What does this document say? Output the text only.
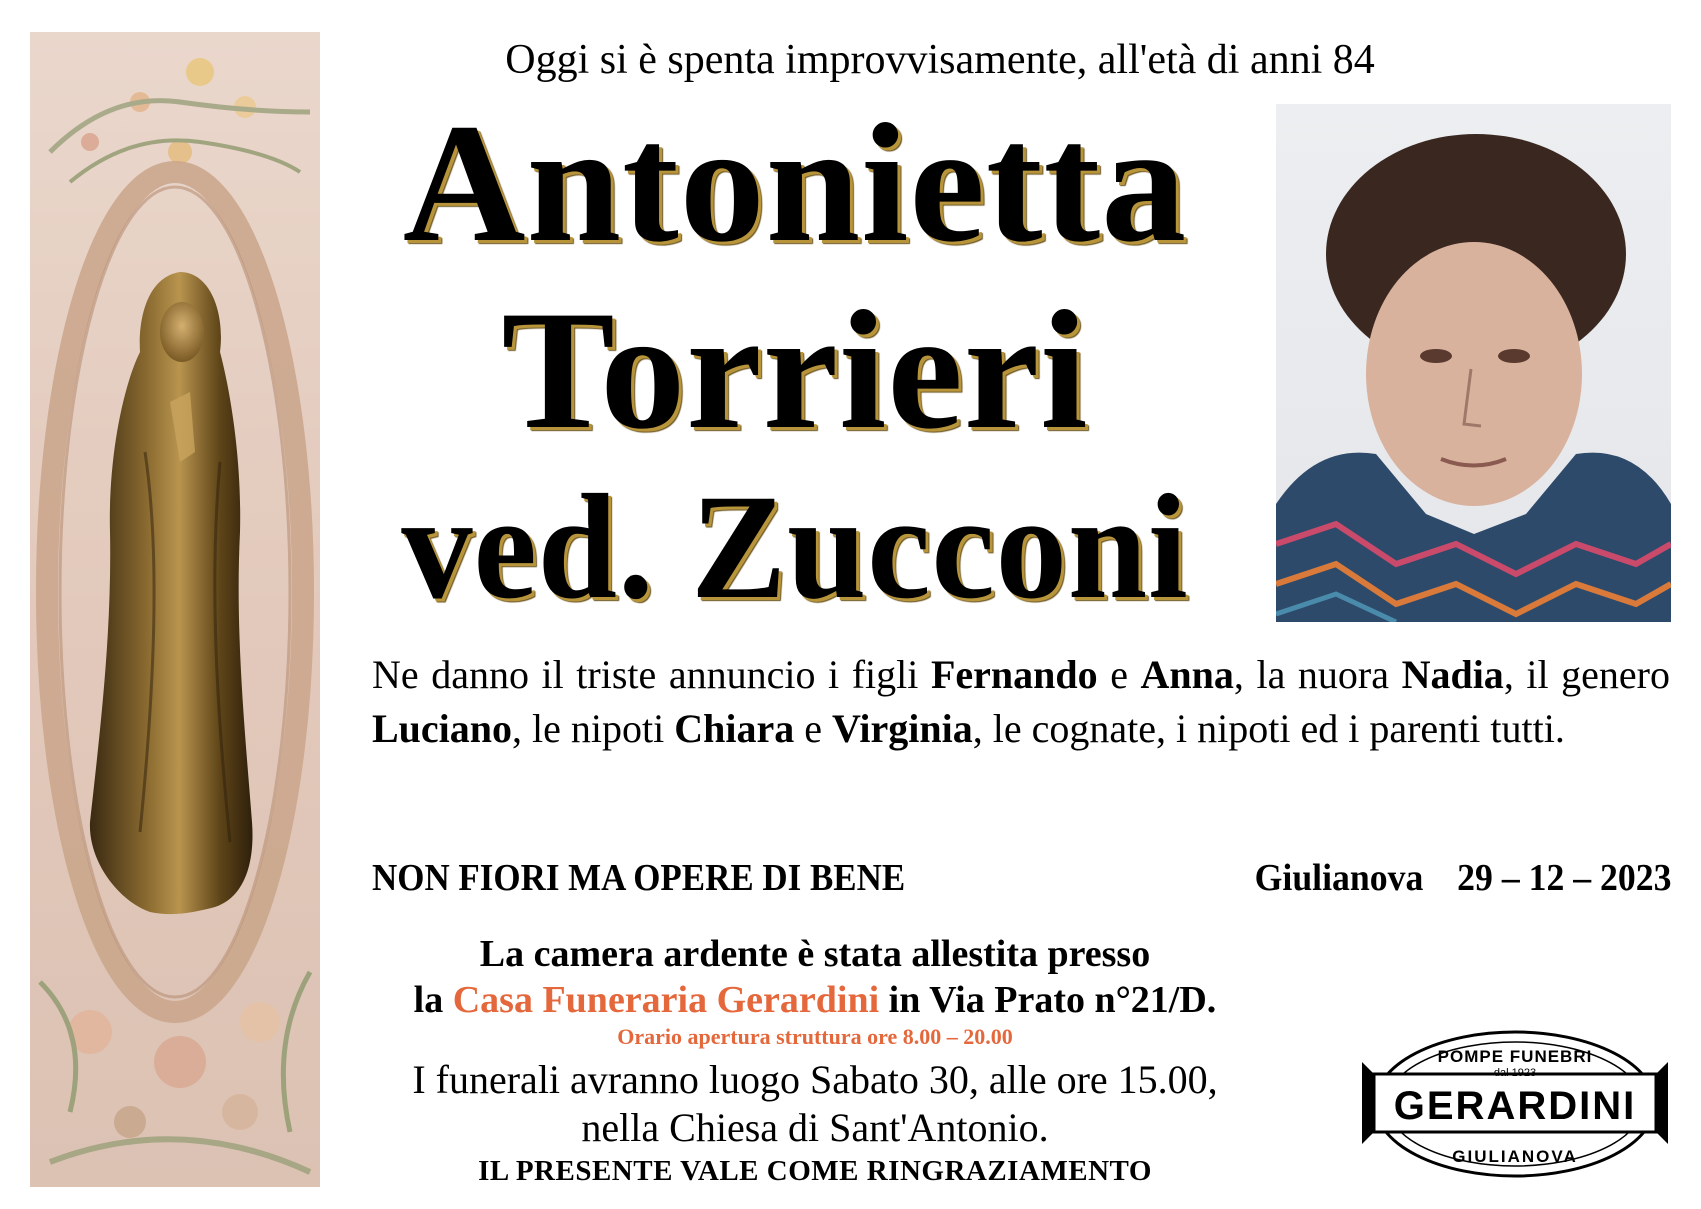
Oggi si è spenta improvvisamente, all'età di anni 84
Antonietta
Torrieri
ved. Zucconi
Ne danno il triste annuncio i figli Fernando e Anna, la nuora Nadia, il genero Luciano, le nipoti Chiara e Virginia, le cognate, i nipoti ed i parenti tutti.
NON FIORI MA OPERE DI BENE	Giulianova 29 – 12 – 2023
La camera ardente è stata allestita presso
la Casa Funeraria Gerardini in Via Prato n°21/D.
Orario apertura struttura ore 8.00 – 20.00
I funerali avranno luogo Sabato 30, alle ore 15.00,
nella Chiesa di Sant'Antonio.
IL PRESENTE VALE COME RINGRAZIAMENTO
POMPE FUNEBRI
dal 1923
GERARDINI
GIULIANOVA
